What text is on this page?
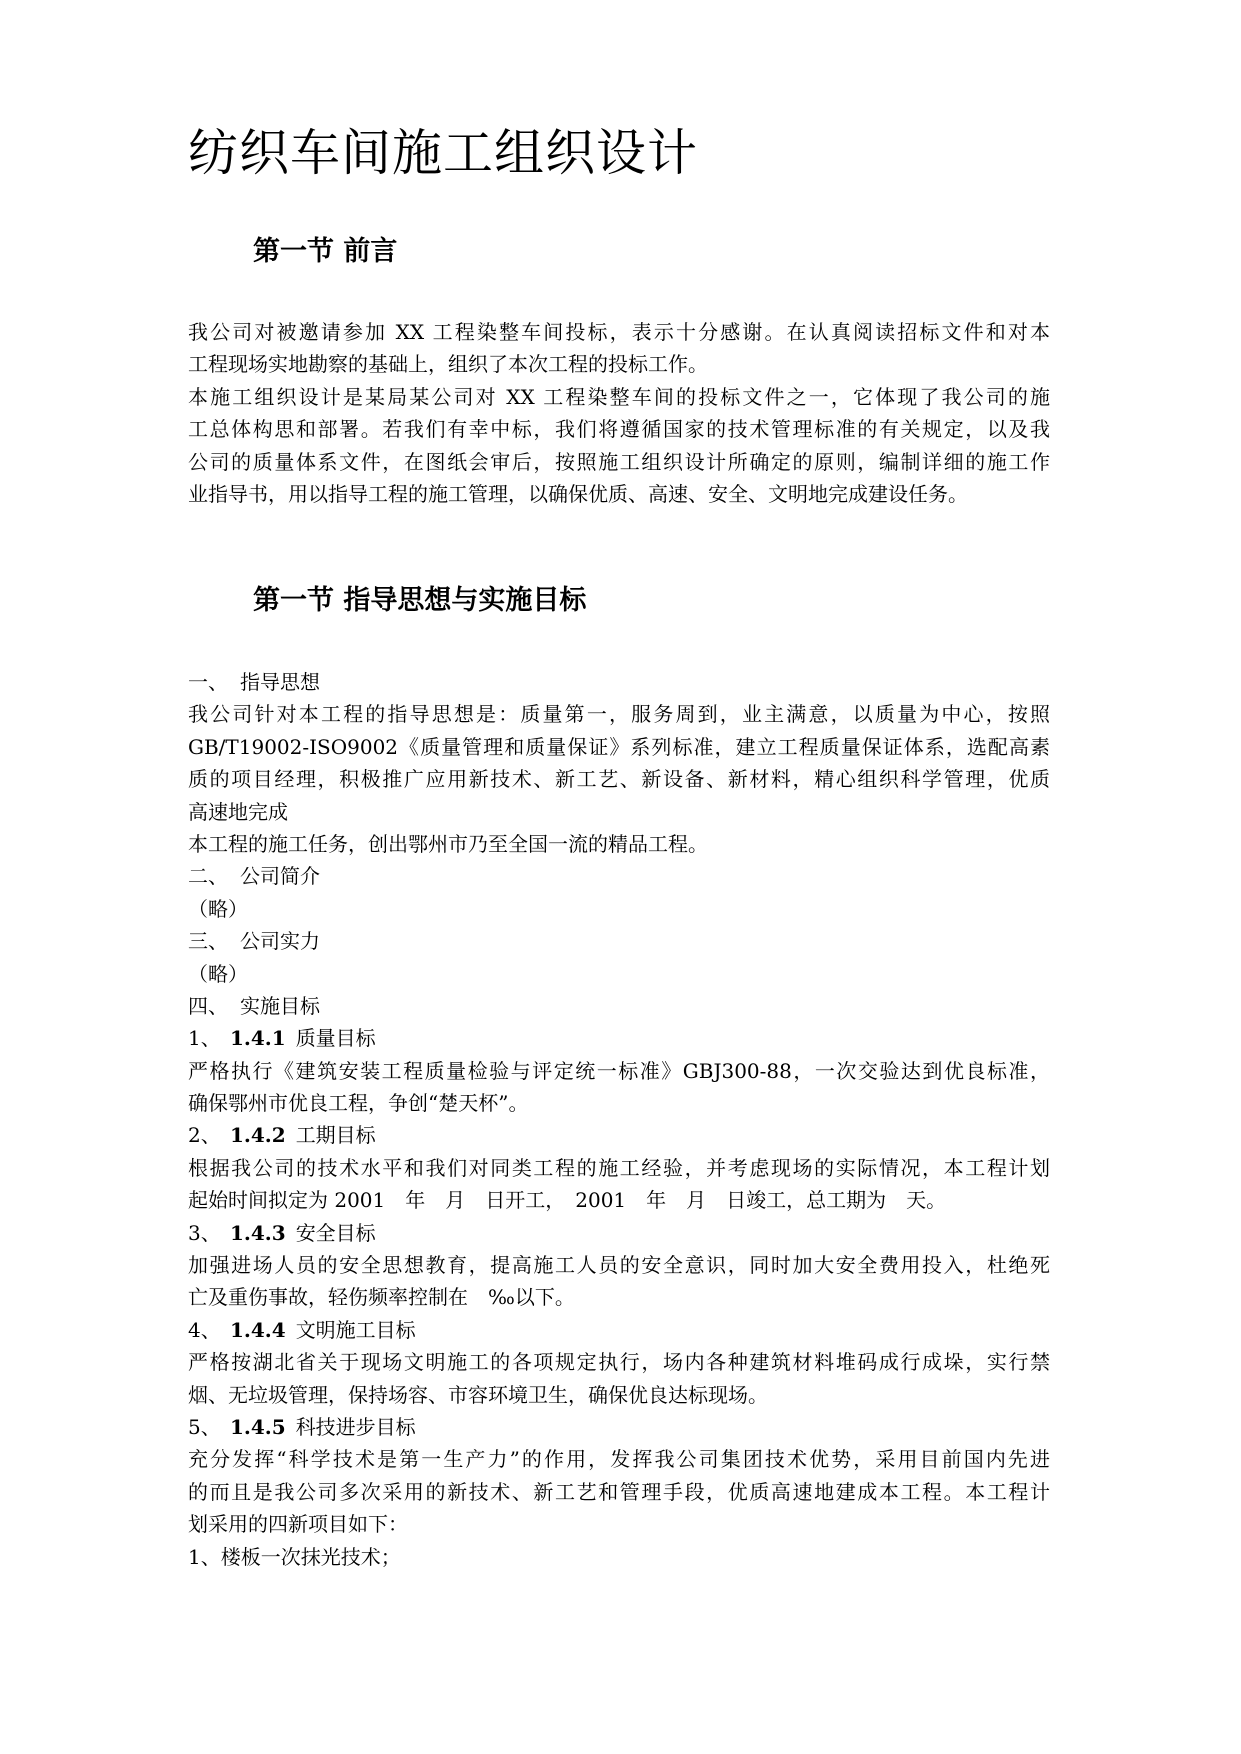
纺织车间施工组织设计
第一节 前言
我公司对被邀请参加 XX 工程染整车间投标，表示十分感谢。在认真阅读招标文件和对本
工程现场实地勘察的基础上，组织了本次工程的投标工作。
本施工组织设计是某局某公司对 XX 工程染整车间的投标文件之一，它体现了我公司的施
工总体构思和部署。若我们有幸中标，我们将遵循国家的技术管理标准的有关规定，以及我
公司的质量体系文件，在图纸会审后，按照施工组织设计所确定的原则，编制详细的施工作
业指导书，用以指导工程的施工管理，以确保优质、高速、安全、文明地完成建设任务。
第一节 指导思想与实施目标
一、 指导思想
我公司针对本工程的指导思想是：质量第一，服务周到，业主满意，以质量为中心，按照
GB/T19002-ISO9002《质量管理和质量保证》系列标准，建立工程质量保证体系，选配高素
质的项目经理，积极推广应用新技术、新工艺、新设备、新材料，精心组织科学管理，优质
高速地完成
本工程的施工任务，创出鄂州市乃至全国一流的精品工程。
二、 公司简介
（略）
三、 公司实力
（略）
四、 实施目标
1、 1.4.1 质量目标
严格执行《建筑安装工程质量检验与评定统一标准》GBJ300-88，一次交验达到优良标准，
确保鄂州市优良工程，争创“楚天杯”。
2、 1.4.2 工期目标
根据我公司的技术水平和我们对同类工程的施工经验，并考虑现场的实际情况，本工程计划
起始时间拟定为 2001　年　月　日开工，　2001　年　月　日竣工，总工期为　天。
3、 1.4.3 安全目标
加强进场人员的安全思想教育，提高施工人员的安全意识，同时加大安全费用投入，杜绝死
亡及重伤事故，轻伤频率控制在　‰以下。
4、 1.4.4 文明施工目标
严格按湖北省关于现场文明施工的各项规定执行，场内各种建筑材料堆码成行成垛，实行禁
烟、无垃圾管理，保持场容、市容环境卫生，确保优良达标现场。
5、 1.4.5 科技进步目标
充分发挥“科学技术是第一生产力”的作用，发挥我公司集团技术优势，采用目前国内先进
的而且是我公司多次采用的新技术、新工艺和管理手段，优质高速地建成本工程。本工程计
划采用的四新项目如下：
1、楼板一次抹光技术；
